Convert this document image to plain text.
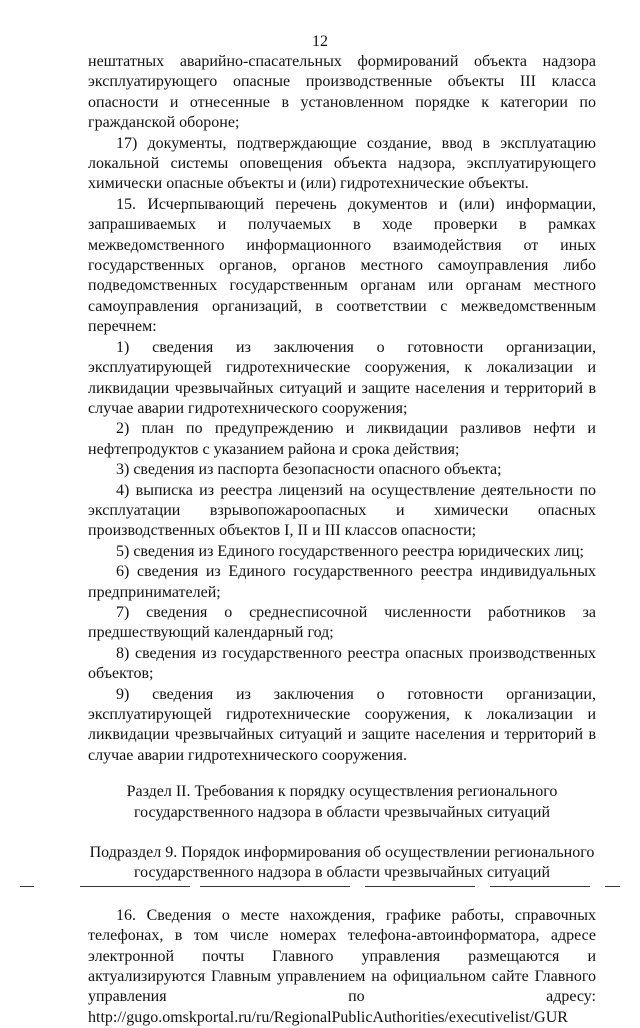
12

нештатных аварийно-спасательных формирований объекта надзора эксплуатирующего опасные производственные объекты III класса опасности и отнесенные в установленном порядке к категории по гражданской обороне;

17) документы, подтверждающие создание, ввод в эксплуатацию локальной системы оповещения объекта надзора, эксплуатирующего химически опасные объекты и (или) гидротехнические объекты.

15. Исчерпывающий перечень документов и (или) информации, запрашиваемых и получаемых в ходе проверки в рамках межведомственного информационного взаимодействия от иных государственных органов, органов местного самоуправления либо подведомственных государственным органам или органам местного самоуправления организаций, в соответствии с межведомственным перечнем:

1) сведения из заключения о готовности организации, эксплуатирующей гидротехнические сооружения, к локализации и ликвидации чрезвычайных ситуаций и защите населения и территорий в случае аварии гидротехнического сооружения;

2) план по предупреждению и ликвидации разливов нефти и нефтепродуктов с указанием района и срока действия;

3) сведения из паспорта безопасности опасного объекта;

4) выписка из реестра лицензий на осуществление деятельности по эксплуатации взрывопожароопасных и химически опасных производственных объектов I, II и III классов опасности;

5) сведения из Единого государственного реестра юридических лиц;

6) сведения из Единого государственного реестра индивидуальных предпринимателей;

7) сведения о среднесписочной численности работников за предшествующий календарный год;

8) сведения из государственного реестра опасных производственных объектов;

9) сведения из заключения о готовности организации, эксплуатирующей гидротехнические сооружения, к локализации и ликвидации чрезвычайных ситуаций и защите населения и территорий в случае аварии гидротехнического сооружения.

Раздел II. Требования к порядку осуществления регионального
государственного надзора в области чрезвычайных ситуаций

Подраздел 9. Порядок информирования об осуществлении регионального
государственного надзора в области чрезвычайных ситуаций

16. Сведения о месте нахождения, графике работы, справочных телефонах, в том числе номерах телефона-автоинформатора, адресе электронной почты Главного управления размещаются и актуализируются Главным управлением на официальном сайте Главного управления по адресу: http://gugo.omskportal.ru/ru/RegionalPublicAuthorities/executivelist/GUR
